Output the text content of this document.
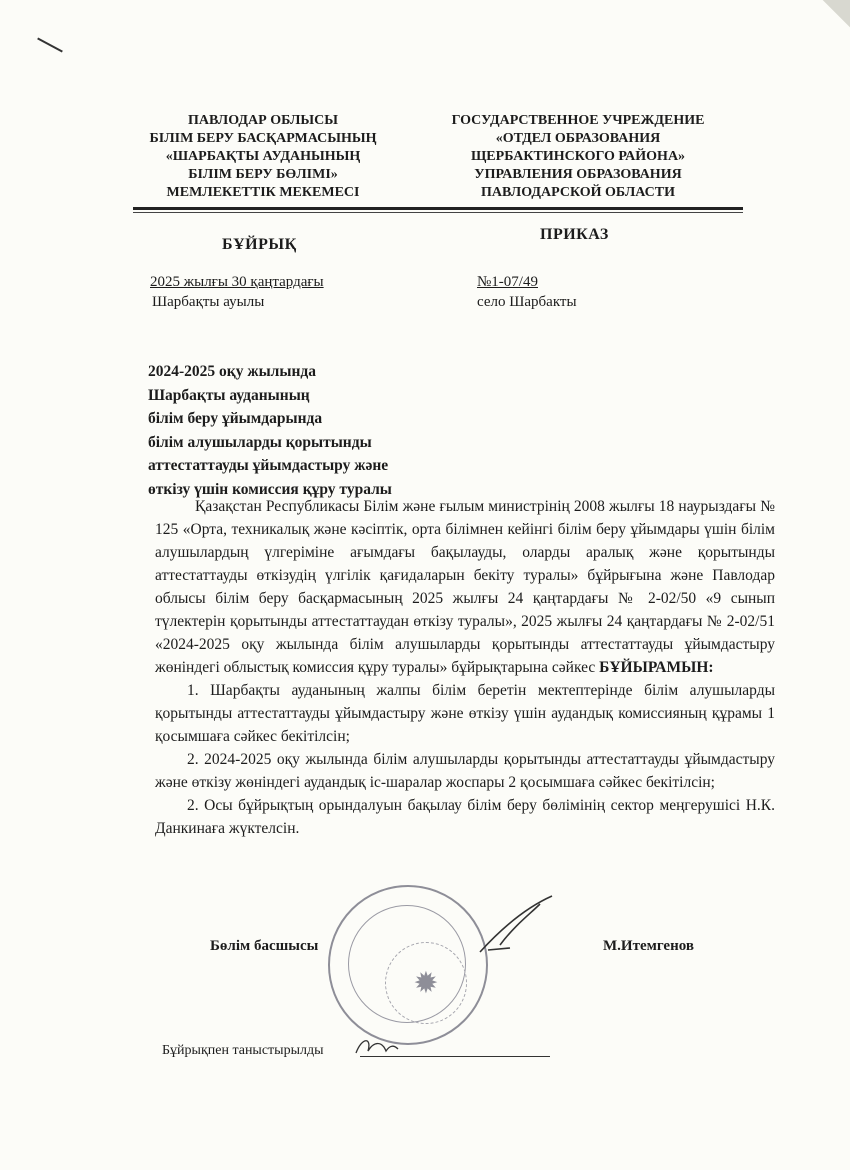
ПАВЛОДАР ОБЛЫСЫ
БІЛІМ БЕРУ БАСҚАРМАСЫНЫҢ
«ШАРБАҚТЫ АУДАНЫНЫҢ
БІЛІМ БЕРУ БӨЛІМІ»
МЕМЛЕКЕТТІК МЕКЕМЕСІ
ГОСУДАРСТВЕННОЕ УЧРЕЖДЕНИЕ
«ОТДЕЛ ОБРАЗОВАНИЯ
ЩЕРБАКТИНСКОГО РАЙОНА»
УПРАВЛЕНИЯ ОБРАЗОВАНИЯ
ПАВЛОДАРСКОЙ ОБЛАСТИ
БҰЙРЫҚ
ПРИКАЗ
2025 жылғы 30 қаңтардағы
Шарбақты ауылы
№1-07/49
село Шарбакты
2024-2025 оқу жылында
Шарбақты ауданының
білім беру ұйымдарында
білім алушыларды қорытынды
аттестаттауды ұйымдастыру және
өткізу үшін комиссия құру туралы

Қазақстан Республикасы Білім және ғылым министрінің 2008 жылғы 18 наурыздағы № 125 «Орта, техникалық және кәсіптік, орта білімнен кейінгі білім беру ұйымдары үшін білім алушылардың үлгеріміне ағымдағы бақылауды, оларды аралық және қорытынды аттестаттауды өткізудің үлгілік қағидаларын бекіту туралы» бұйрығына және Павлодар облысы білім беру басқармасының 2025 жылғы 24 қаңтардағы № 2-02/50 «9 сынып түлектерін қорытынды аттестаттаудан өткізу туралы», 2025 жылғы 24 қаңтардағы № 2-02/51 «2024-2025 оқу жылында білім алушыларды қорытынды аттестаттауды ұйымдастыру жөніндегі облыстық комиссия құру туралы» бұйрықтарына сәйкес БҰЙЫРАМЫН:

1. Шарбақты ауданының жалпы білім беретін мектептерінде білім алушыларды қорытынды аттестаттауды ұйымдастыру және өткізу үшін аудандық комиссияның құрамы 1 қосымшаға сәйкес бекітілсін;

2. 2024-2025 оқу жылында білім алушыларды қорытынды аттестаттауды ұйымдастыру және өткізу жөніндегі аудандық іс-шаралар жоспары 2 қосымшаға сәйкес бекітілсін;

2. Осы бұйрықтың орындалуын бақылау білім беру бөлімінің сектор меңгерушісі Н.К. Данкинаға жүктелсін.

✹
Бөлім басшысы	М.Итемгенов
Бұйрықпен таныстырылды
